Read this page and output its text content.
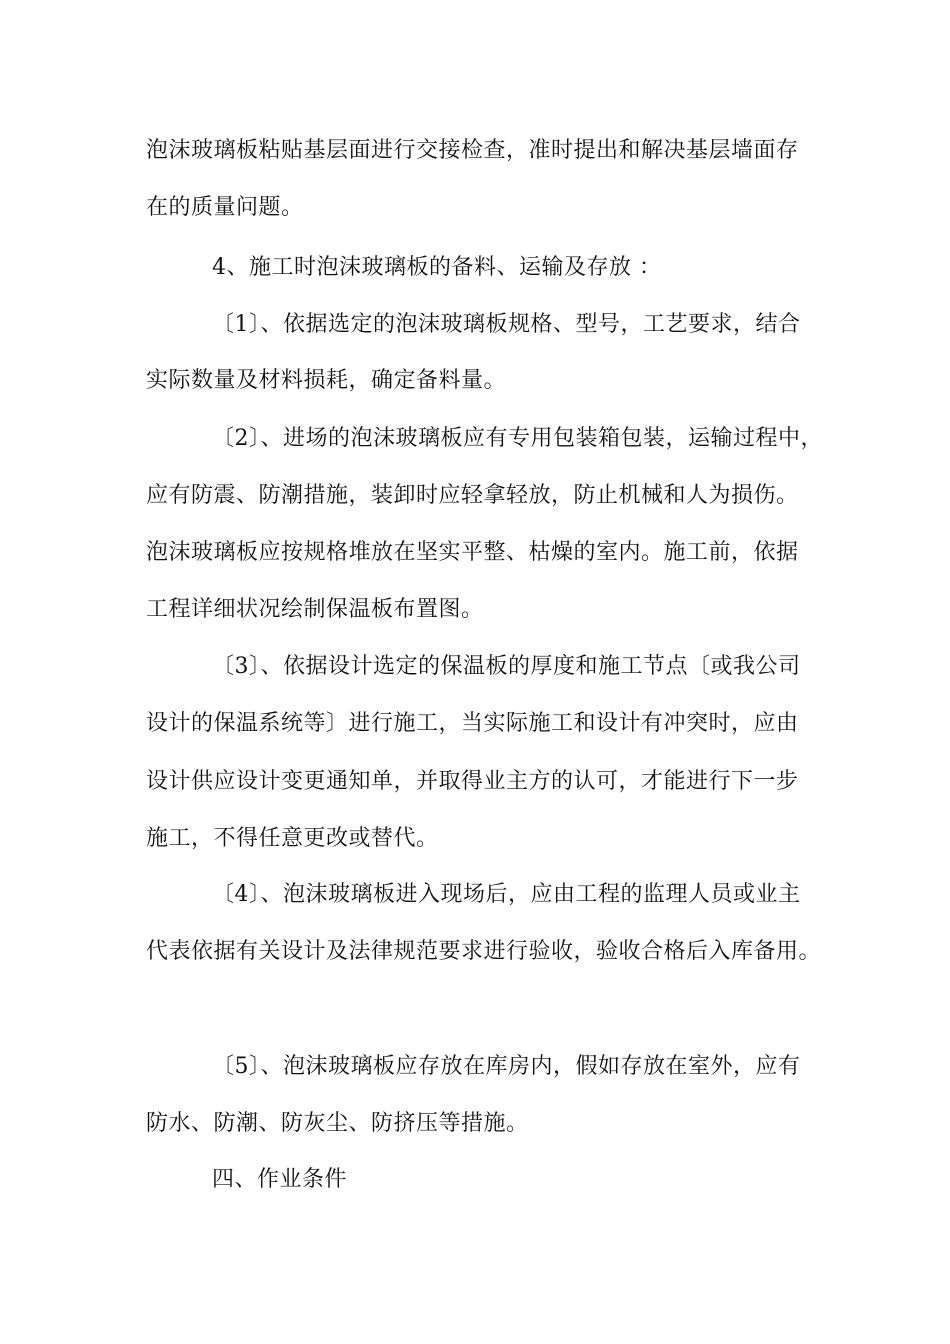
泡沫玻璃板粘贴基层面进行交接检查，准时提出和解决基层墙面存
在的质量问题。
4、施工时泡沫玻璃板的备料、运输及存放 ：
〔1〕、依据选定的泡沫玻璃板规格、型号，工艺要求，结合
实际数量及材料损耗，确定备料量。
〔2〕、进场的泡沫玻璃板应有专用包装箱包装，运输过程中，
应有防震、防潮措施，装卸时应轻拿轻放，防止机械和人为损伤。
泡沫玻璃板应按规格堆放在坚实平整、枯燥的室内。施工前，依据
工程详细状况绘制保温板布置图。
〔3〕、依据设计选定的保温板的厚度和施工节点〔或我公司
设计的保温系统等〕进行施工，当实际施工和设计有冲突时，应由
设计供应设计变更通知单，并取得业主方的认可，才能进行下一步
施工，不得任意更改或替代。
〔4〕、泡沫玻璃板进入现场后，应由工程的监理人员或业主
代表依据有关设计及法律规范要求进行验收，验收合格后入库备用。
〔5〕、泡沫玻璃板应存放在库房内，假如存放在室外，应有
防水、防潮、防灰尘、防挤压等措施。
四、作业条件
